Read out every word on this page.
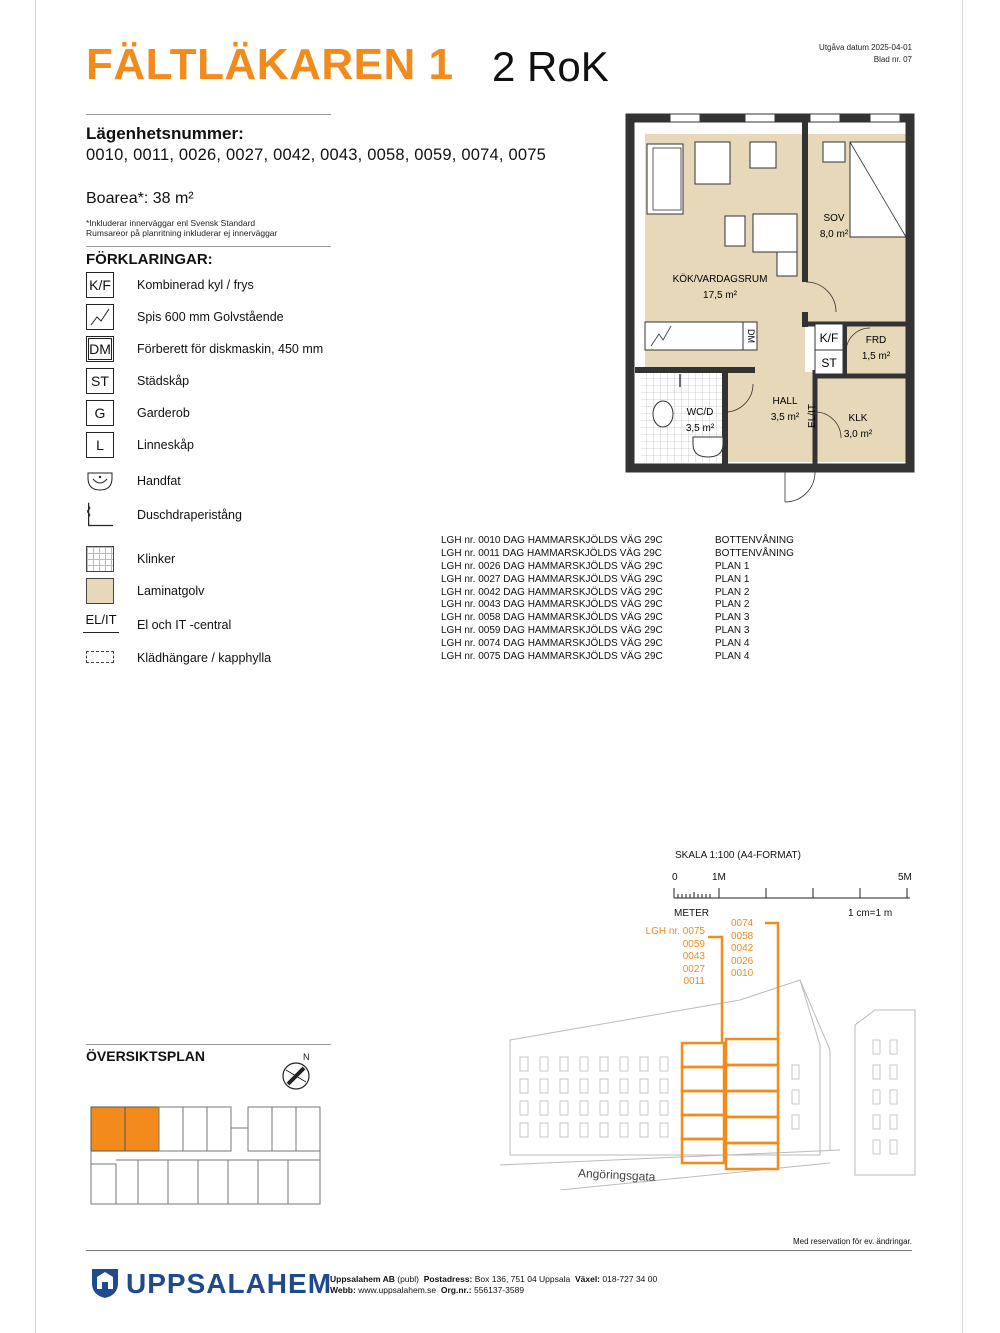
FÄLTLÄKAREN 1 2 RoK	Utgåva datum 2025-04-01
Blad nr. 07
Lägenhetsnummer:
0010, 0011, 0026, 0027, 0042, 0043, 0058, 0059, 0074, 0075
Boarea*: 38 m²
*Inkluderar innerväggar enl Svensk Standard
Rumsareor på planritning inkluderar ej innerväggar
FÖRKLARINGAR:
K/F Kombinerad kyl / frys
Spis 600 mm Golvstående
DM Förberett för diskmaskin, 450 mm
ST	Städskåp
G	Garderob
L	Linneskåp
Handfat
Duschdraperistång
Klinker
Laminatgolv
EL/IT El och IT -central
Klädhängare / kapphylla
DM	K/F
ST
EL/IT
KÖK/VARDAGSRUM
17,5 m²
SOV
8,0 m²
FRD
1,5 m²
WC/D
3,5 m²
HALL
3,5 m²	KLK
3,0 m²
LGH nr. 0010 DAG HAMMARSKJÖLDS VÄG 29C	BOTTENVÅNING
LGH nr. 0011 DAG HAMMARSKJÖLDS VÄG 29C	BOTTENVÅNING
LGH nr. 0026 DAG HAMMARSKJÖLDS VÄG 29C	PLAN 1
LGH nr. 0027 DAG HAMMARSKJÖLDS VÄG 29C	PLAN 1
LGH nr. 0042 DAG HAMMARSKJÖLDS VÄG 29C	PLAN 2
LGH nr. 0043 DAG HAMMARSKJÖLDS VÄG 29C	PLAN 2
LGH nr. 0058 DAG HAMMARSKJÖLDS VÄG 29C	PLAN 3
LGH nr. 0059 DAG HAMMARSKJÖLDS VÄG 29C	PLAN 3
LGH nr. 0074 DAG HAMMARSKJÖLDS VÄG 29C	PLAN 4
LGH nr. 0075 DAG HAMMARSKJÖLDS VÄG 29C	PLAN 4
SKALA 1:100 (A4-FORMAT)
0	1M	5M
METER	1 cm=1 m
LGH nr. 0075
0059
0043
0027
0011
0074
0058
0042
0026
0010
Angöringsgata
ÖVERSIKTSPLAN	N
Med reservation för ev. ändringar.
UPPSALAHEM
Uppsalahem AB (publ) Postadress: Box 136, 751 04 Uppsala Växel: 018-727 34 00
Webb: www.uppsalahem.se Org.nr.: 556137-3589
